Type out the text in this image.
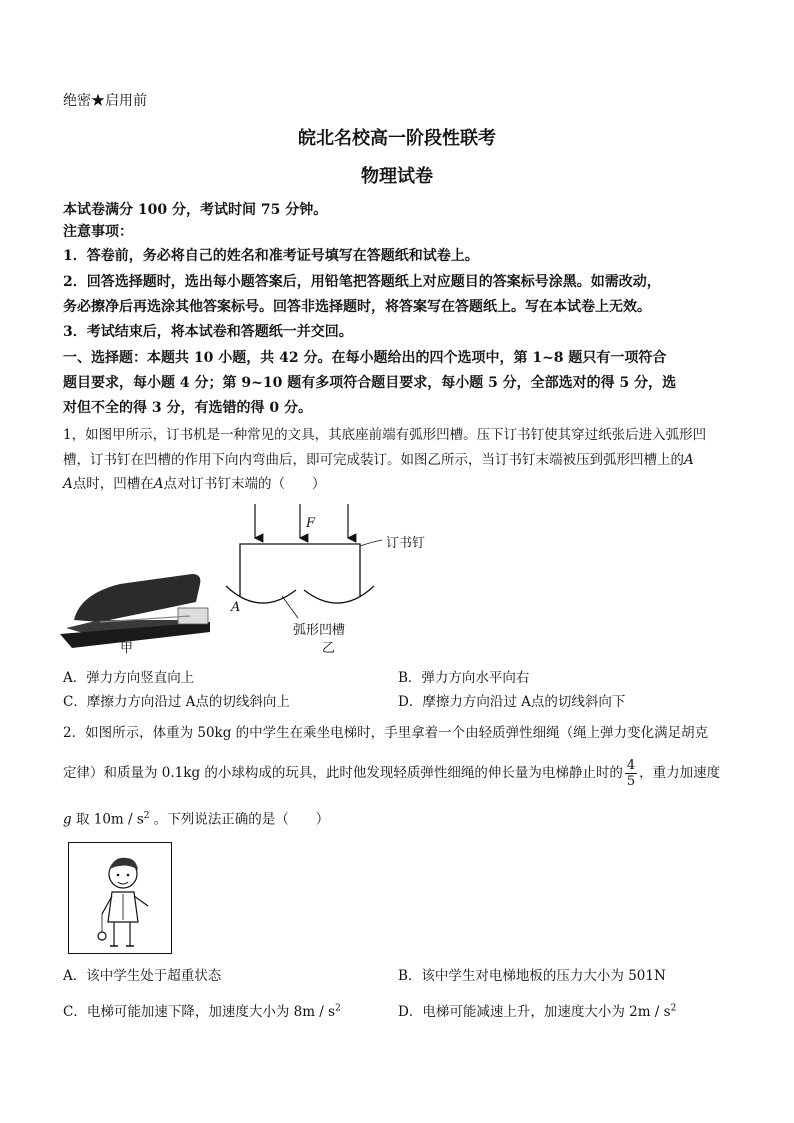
绝密★启用前
皖北名校高一阶段性联考
物理试卷
本试卷满分 100 分，考试时间 75 分钟。
注意事项：
1．答卷前，务必将自己的姓名和准考证号填写在答题纸和试卷上。
2．回答选择题时，选出每小题答案后，用铅笔把答题纸上对应题目的答案标号涂黑。如需改动，
务必擦净后再选涂其他答案标号。回答非选择题时，将答案写在答题纸上。写在本试卷上无效。
3．考试结束后，将本试卷和答题纸一并交回。
一、选择题：本题共 10 小题，共 42 分。在每小题给出的四个选项中，第 1~8 题只有一项符合
题目要求，每小题 4 分；第 9~10 题有多项符合题目要求，每小题 5 分，全部选对的得 5 分，选
对但不全的得 3 分，有选错的得 0 分。
1，如图甲所示，订书机是一种常见的文具，其底座前端有弧形凹槽。压下订书钉使其穿过纸张后进入弧形凹
槽，订书钉在凹槽的作用下向内弯曲后，即可完成装订。如图乙所示，当订书钉末端被压到弧形凹槽上的A
A点时，凹槽在A点对订书钉末端的（　　）
甲
F
订书钉
A
弧形凹槽
乙
A．弹力方向竖直向上	B．弹力方向水平向右
C．摩擦力方向沿过 A点的切线斜向上	D．摩擦力方向沿过 A点的切线斜向下
2．如图所示，体重为 50kg 的中学生在乘坐电梯时，手里拿着一个由轻质弹性细绳（绳上弹力变化满足胡克
定律）和质量为 0.1kg 的小球构成的玩具，此时他发现轻质弹性细绳的伸长量为电梯静止时的 $\frac{4}{5}$ ，重力加速度
g 取 $10m / s^2$ 。下列说法正确的是（　　）
A．该中学生处于超重状态	B．该中学生对电梯地板的压力大小为 501N
C．电梯可能加速下降，加速度大小为 $8m / s^2$	D．电梯可能减速上升，加速度大小为 $2m / s^2$
